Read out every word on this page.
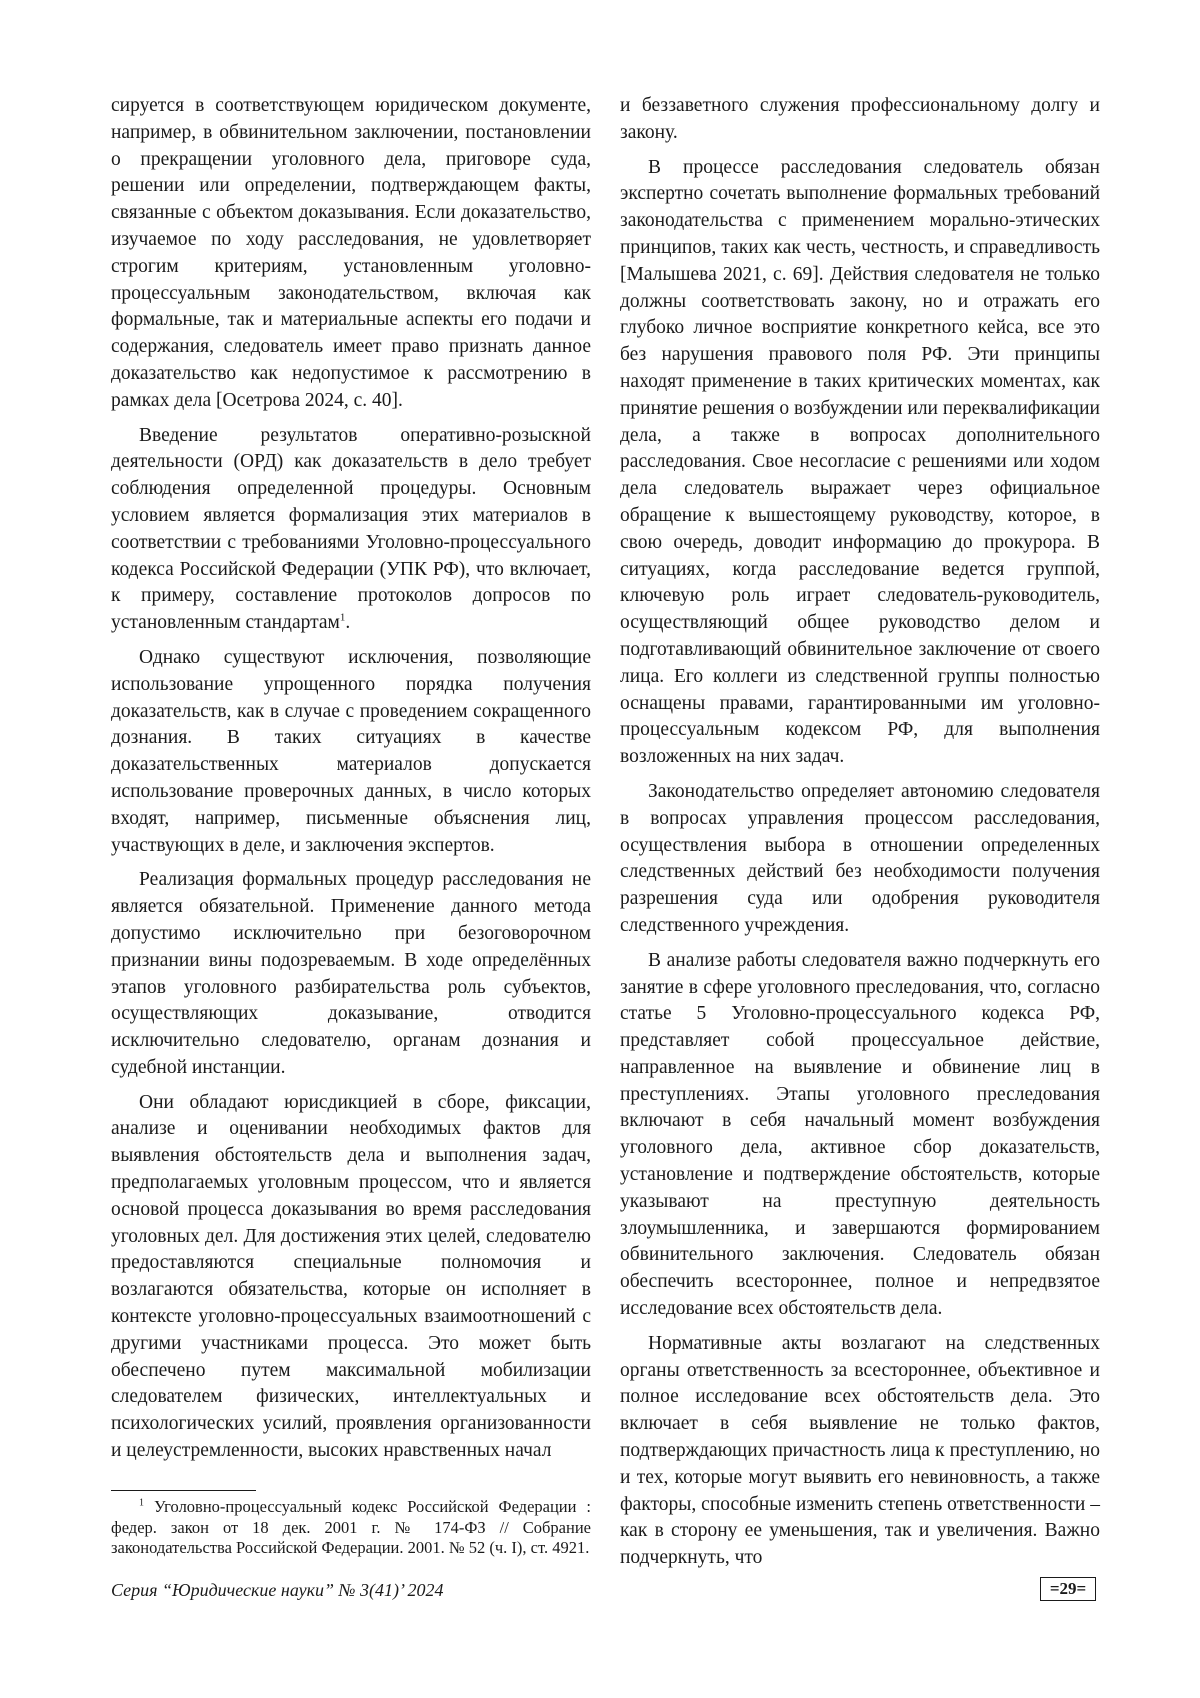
сируется в соответствующем юридическом документе, например, в обвинительном заключении, постановлении о прекращении уголовного дела, приговоре суда, решении или определении, подтверждающем факты, связанные с объектом доказывания. Если доказательство, изучаемое по ходу расследования, не удовлетворяет строгим критериям, установленным уголовно-процессуальным законодательством, включая как формальные, так и материальные аспекты его подачи и содержания, следователь имеет право признать данное доказательство как недопустимое к рассмотрению в рамках дела [Осетрова 2024, с. 40].

Введение результатов оперативно-розыскной деятельности (ОРД) как доказательств в дело требует соблюдения определенной процедуры. Основным условием является формализация этих материалов в соответствии с требованиями Уголовно-процессуального кодекса Российской Федерации (УПК РФ), что включает, к примеру, составление протоколов допросов по установленным стандартам$^1$.

Однако существуют исключения, позволяющие использование упрощенного порядка получения доказательств, как в случае с проведением сокращенного дознания. В таких ситуациях в качестве доказательственных материалов допускается использование проверочных данных, в число которых входят, например, письменные объяснения лиц, участвующих в деле, и заключения экспертов.

Реализация формальных процедур расследования не является обязательной. Применение данного метода допустимо исключительно при безоговорочном признании вины подозреваемым. В ходе определённых этапов уголовного разбирательства роль субъектов, осуществляющих доказывание, отводится исключительно следователю, органам дознания и судебной инстанции.

Они обладают юрисдикцией в сборе, фиксации, анализе и оценивании необходимых фактов для выявления обстоятельств дела и выполнения задач, предполагаемых уголовным процессом, что и является основой процесса доказывания во время расследования уголовных дел. Для достижения этих целей, следователю предоставляются специальные полномочия и возлагаются обязательства, которые он исполняет в контексте уголовно-процессуальных взаимоотношений с другими участниками процесса. Это может быть обеспечено путем максимальной мобилизации следователем физических, интеллектуальных и психологических усилий, проявления организованности и целеустремленности, высоких нравственных начал

и беззаветного служения профессиональному долгу и закону.

В процессе расследования следователь обязан экспертно сочетать выполнение формальных требований законодательства с применением морально-этических принципов, таких как честь, честность, и справедливость [Малышева 2021, с. 69]. Действия следователя не только должны соответствовать закону, но и отражать его глубоко личное восприятие конкретного кейса, все это без нарушения правового поля РФ. Эти принципы находят применение в таких критических моментах, как принятие решения о возбуждении или переквалификации дела, а также в вопросах дополнительного расследования. Свое несогласие с решениями или ходом дела следователь выражает через официальное обращение к вышестоящему руководству, которое, в свою очередь, доводит информацию до прокурора. В ситуациях, когда расследование ведется группой, ключевую роль играет следователь-руководитель, осуществляющий общее руководство делом и подготавливающий обвинительное заключение от своего лица. Его коллеги из следственной группы полностью оснащены правами, гарантированными им уголовно-процессуальным кодексом РФ, для выполнения возложенных на них задач.

Законодательство определяет автономию следователя в вопросах управления процессом расследования, осуществления выбора в отношении определенных следственных действий без необходимости получения разрешения суда или одобрения руководителя следственного учреждения.

В анализе работы следователя важно подчеркнуть его занятие в сфере уголовного преследования, что, согласно статье 5 Уголовно-процессуального кодекса РФ, представляет собой процессуальное действие, направленное на выявление и обвинение лиц в преступлениях. Этапы уголовного преследования включают в себя начальный момент возбуждения уголовного дела, активное сбор доказательств, установление и подтверждение обстоятельств, которые указывают на преступную деятельность злоумышленника, и завершаются формированием обвинительного заключения. Следователь обязан обеспечить всестороннее, полное и непредвзятое исследование всех обстоятельств дела.

Нормативные акты возлагают на следственных органы ответственность за всестороннее, объективное и полное исследование всех обстоятельств дела. Это включает в себя выявление не только фактов, подтверждающих причастность лица к преступлению, но и тех, которые могут выявить его невиновность, а также факторы, способные изменить степень ответственности – как в сторону ее уменьшения, так и увеличения. Важно подчеркнуть, что

$^1$ Уголовно-процессуальный кодекс Российской Федерации : федер. закон от 18 дек. 2001 г. № 174-ФЗ // Собрание законодательства Российской Федерации. 2001. № 52 (ч. I), ст. 4921.

Серия “Юридические науки” № 3(41)’ 2024	=29=
